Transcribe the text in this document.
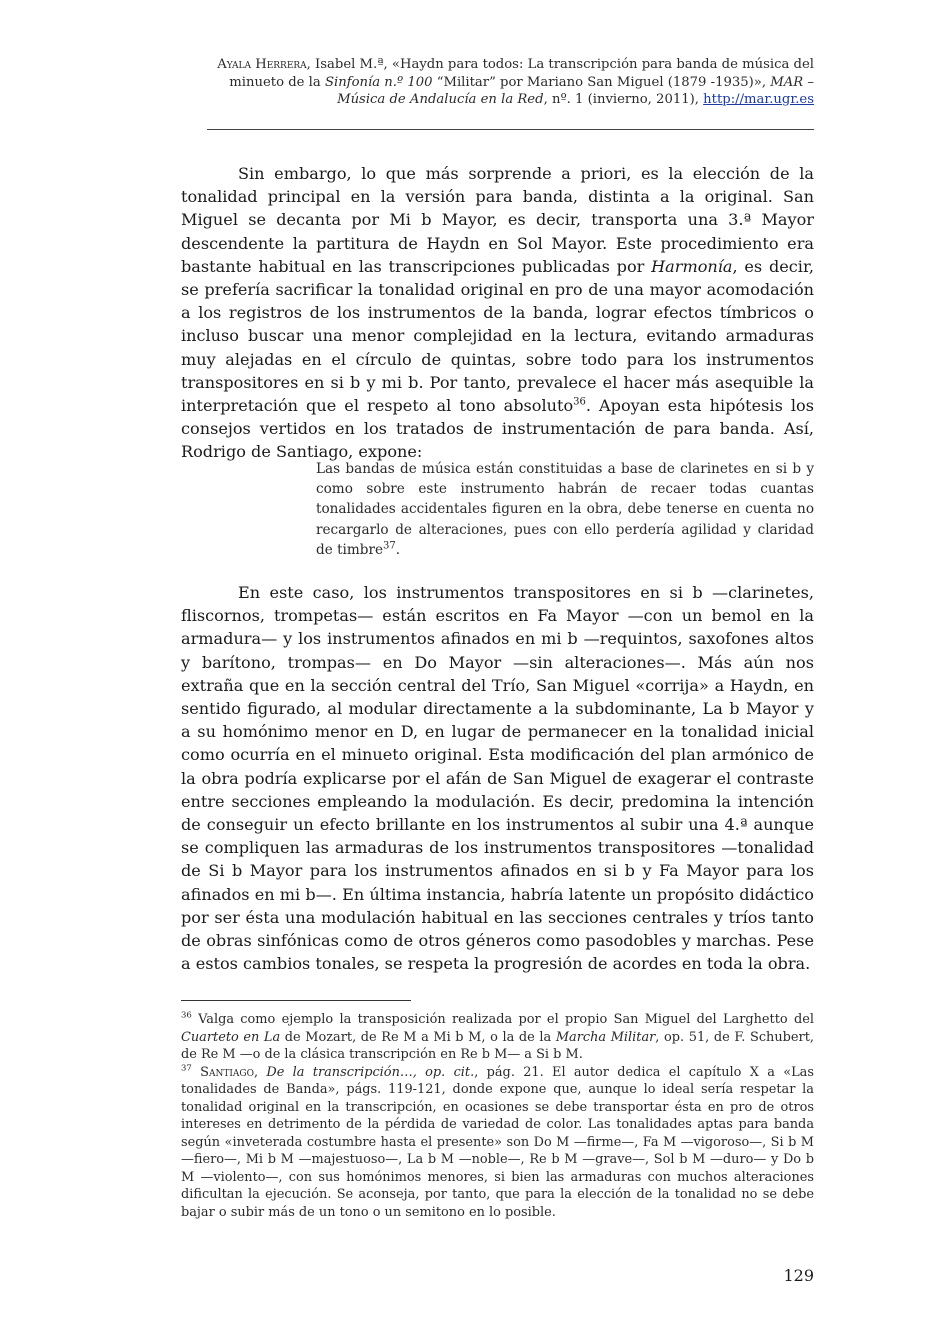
Ayala Herrera, Isabel M.ª, «Haydn para todos: La transcripción para banda de música del minueto de la Sinfonía n.º 100 “Militar” por Mariano San Miguel (1879 -1935)», MAR – Música de Andalucía en la Red, nº. 1 (invierno, 2011), http://mar.ugr.es

Sin embargo, lo que más sorprende a priori, es la elección de la tonalidad principal en la versión para banda, distinta a la original. San Miguel se decanta por Mi b Mayor, es decir, transporta una 3.ª Mayor descendente la partitura de Haydn en Sol Mayor. Este procedimiento era bastante habitual en las transcripciones publicadas por Harmonía, es decir, se prefería sacrificar la tonalidad original en pro de una mayor acomodación a los registros de los instrumentos de la banda, lograr efectos tímbricos o incluso buscar una menor complejidad en la lectura, evitando armaduras muy alejadas en el círculo de quintas, sobre todo para los instrumentos transpositores en si b y mi b. Por tanto, prevalece el hacer más asequible la interpretación que el respeto al tono absoluto$^{36}$. Apoyan esta hipótesis los consejos vertidos en los tratados de instrumentación de para banda. Así, Rodrigo de Santiago, expone:

Las bandas de música están constituidas a base de clarinetes en si b y como sobre este instrumento habrán de recaer todas cuantas tonalidades accidentales figuren en la obra, debe tenerse en cuenta no recargarlo de alteraciones, pues con ello perdería agilidad y claridad de timbre$^{37}$.

En este caso, los instrumentos transpositores en si b —clarinetes, fliscornos, trompetas— están escritos en Fa Mayor —con un bemol en la armadura— y los instrumentos afinados en mi b —requintos, saxofones altos y barítono, trompas— en Do Mayor —sin alteraciones—. Más aún nos extraña que en la sección central del Trío, San Miguel «corrija» a Haydn, en sentido figurado, al modular directamente a la subdominante, La b Mayor y a su homónimo menor en D, en lugar de permanecer en la tonalidad inicial como ocurría en el minueto original. Esta modificación del plan armónico de la obra podría explicarse por el afán de San Miguel de exagerar el contraste entre secciones empleando la modulación. Es decir, predomina la intención de conseguir un efecto brillante en los instrumentos al subir una 4.ª aunque se compliquen las armaduras de los instrumentos transpositores —tonalidad de Si b Mayor para los instrumentos afinados en si b y Fa Mayor para los afinados en mi b—. En última instancia, habría latente un propósito didáctico por ser ésta una modulación habitual en las secciones centrales y tríos tanto de obras sinfónicas como de otros géneros como pasodobles y marchas. Pese a estos cambios tonales, se respeta la progresión de acordes en toda la obra.

$^{36}$ Valga como ejemplo la transposición realizada por el propio San Miguel del Larghetto del Cuarteto en La de Mozart, de Re M a Mi b M, o la de la Marcha Militar, op. 51, de F. Schubert, de Re M —o de la clásica transcripción en Re b M— a Si b M.

$^{37}$ Santiago, De la transcripción…, op. cit., pág. 21. El autor dedica el capítulo X a «Las tonalidades de Banda», págs. 119-121, donde expone que, aunque lo ideal sería respetar la tonalidad original en la transcripción, en ocasiones se debe transportar ésta en pro de otros intereses en detrimento de la pérdida de variedad de color. Las tonalidades aptas para banda según «inveterada costumbre hasta el presente» son Do M —firme—, Fa M —vigoroso—, Si b M —fiero—, Mi b M —majestuoso—, La b M —noble—, Re b M —grave—, Sol b M —duro— y Do b M —violento—, con sus homónimos menores, si bien las armaduras con muchos alteraciones dificultan la ejecución. Se aconseja, por tanto, que para la elección de la tonalidad no se debe bajar o subir más de un tono o un semitono en lo posible.

129
